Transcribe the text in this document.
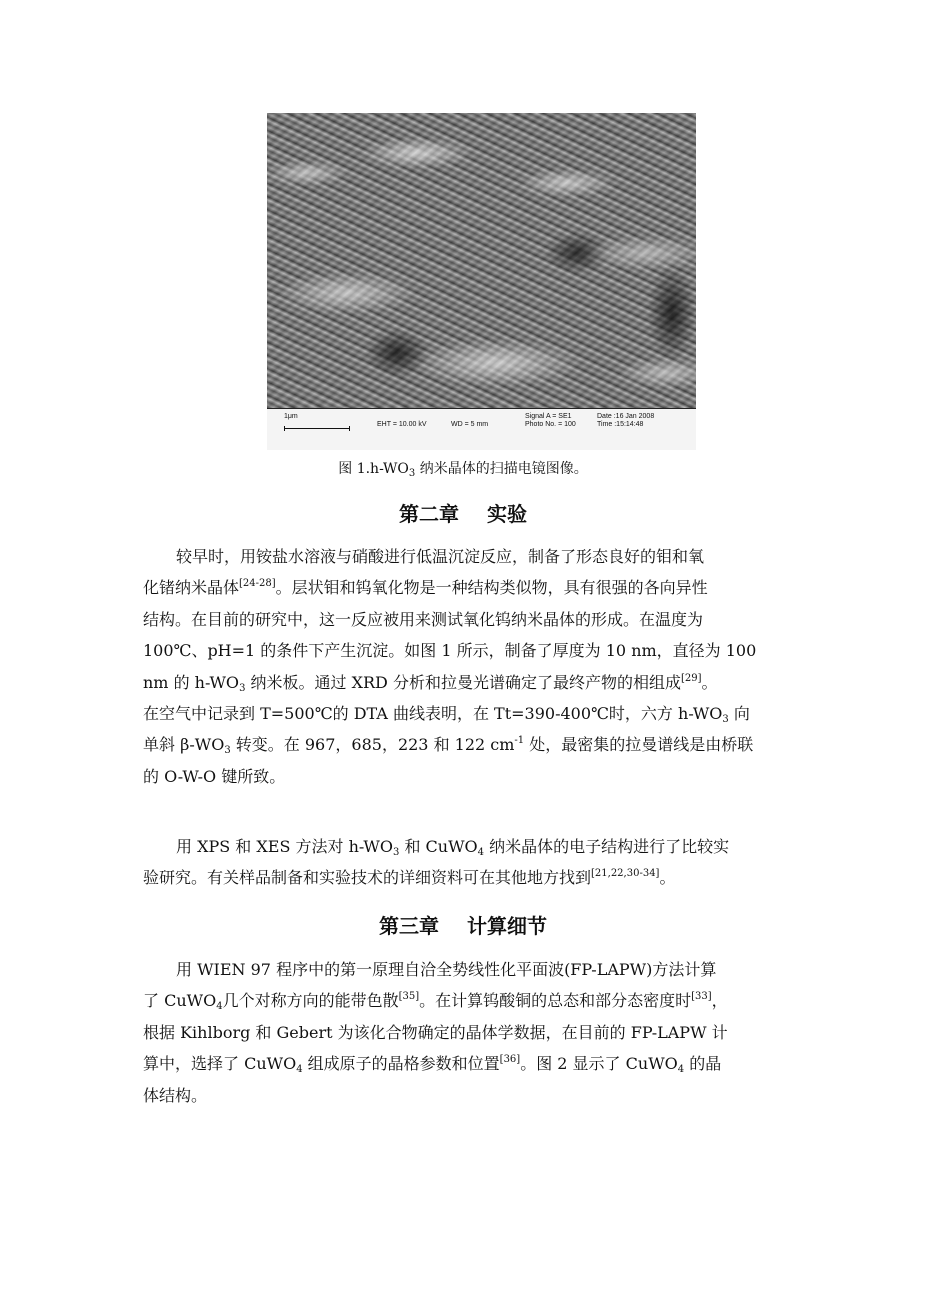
1μm
EHT = 10.00 kV	WD = 5 mm
Signal A = SE1
Photo No. = 100
Date :16 Jan 2008
Time :15:14:48
图 $1.h-WO_3$ 纳米晶体的扫描电镜图像。
第二章 实验
较早时，用铵盐水溶液与硝酸进行低温沉淀反应，制备了形态良好的钼和氧
化锗纳米晶体[24-28]。层状钼和钨氧化物是一种结构类似物，具有很强的各向异性
结构。在目前的研究中，这一反应被用来测试氧化钨纳米晶体的形成。在温度为
100℃、pH=1 的条件下产生沉淀。如图 1 所示，制备了厚度为 10 nm，直径为 100
nm 的 $h-WO_3$ 纳米板。通过 XRD 分析和拉曼光谱确定了最终产物的相组成[29]。
在空气中记录到 T=500℃的 DTA 曲线表明，在 Tt=390-400℃时，六方 $h-WO_3$ 向
单斜 $\beta-WO_3$ 转变。在 967，685，223 和 122 $cm^{-1}$ 处，最密集的拉曼谱线是由桥联
的 O-W-O 键所致。
用 XPS 和 XES 方法对 $h-WO_3$ 和 CuWO$_4$ 纳米晶体的电子结构进行了比较实
验研究。有关样品制备和实验技术的详细资料可在其他地方找到[21,22,30-34]。
第三章 计算细节
用 WIEN 97 程序中的第一原理自洽全势线性化平面波(FP-LAPW)方法计算
了 CuWO$_4$几个对称方向的能带色散[35]。在计算钨酸铜的总态和部分态密度时[33]，
根据 Kihlborg 和 Gebert 为该化合物确定的晶体学数据，在目前的 FP-LAPW 计
算中，选择了 CuWO$_4$ 组成原子的晶格参数和位置[36]。图 2 显示了 CuWO$_4$ 的晶
体结构。
